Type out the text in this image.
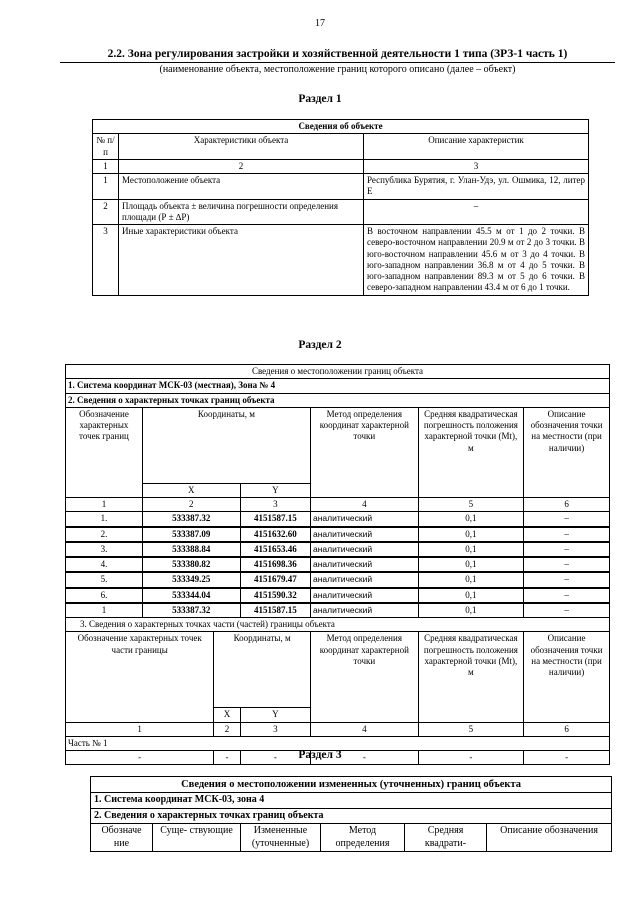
17
2.2. Зона регулирования застройки и хозяйственной деятельности 1 типа (ЗРЗ-1 часть 1)
(наименование объекта, местоположение границ которого описано (далее – объект)
Раздел 1
Сведения об объекте		
№ п/п	Характеристики объекта	Описание характеристик
1	2	3
1	Местоположение объекта	Республика Бурятия, г. Улан-Удэ, ул. Ошмика, 12, литер Е
2	Площадь объекта ± величина погрешности определения площади (Р ± ∆Р)	–
3	Иные характеристики объекта	В восточном направлении 45.5 м от 1 до 2 точки. В северо-восточном направлении 20.9 м от 2 до 3 точки. В юго-восточном направлении 45.6 м от 3 до 4 точки. В юго-западном направлении 36.8 м от 4 до 5 точки. В юго-западном направлении 89.3 м от 5 до 6 точки. В северо-западном направлении 43.4 м от 6 до 1 точки.
Раздел 2
Сведения о местоположении границ объекта						
1. Система координат МСК-03 (местная), Зона № 4						
2. Сведения о характерных точках границ объекта						
Обозначение характерных точек границ	Координаты, м			Метод определения координат характерной точки	Средняя квадратическая погрешность положения характерной точки (Mt), м	Описание обозначения точки на местности (при наличии)
	X		Y			
1	2		3	4	5	6
1.	533387.32		4151587.15	аналитический	0,1	–
2.	533387.09		4151632.60	аналитический	0,1	–
3.	533388.84		4151653.46	аналитический	0,1	–
4.	533380.82		4151698.36	аналитический	0,1	–
5.	533349.25		4151679.47	аналитический	0,1	–
6.	533344.04		4151590.32	аналитический	0,1	–
1	533387.32		4151587.15	аналитический	0,1	–
3. Сведения о характерных точках части (частей) границы объекта						
Обозначение характерных точек части границы		Координаты, м		Метод определения координат характерной точки	Средняя квадратическая погрешность положения характерной точки (Mt), м	Описание обозначения точки на местности (при наличии)
		X	Y			
1		2	3	4	5	6
Часть № 1						
-		-	-	-	-	-
Раздел 3
Сведения о местоположении измененных (уточненных) границ объекта
1. Система координат МСК-03, зона 4
2. Сведения о характерных точках границ объекта
Обозначе ние	Суще- ствующие	Измененные (уточненные)	Метод определения	Средняя квадрати-	Описание обозначения
